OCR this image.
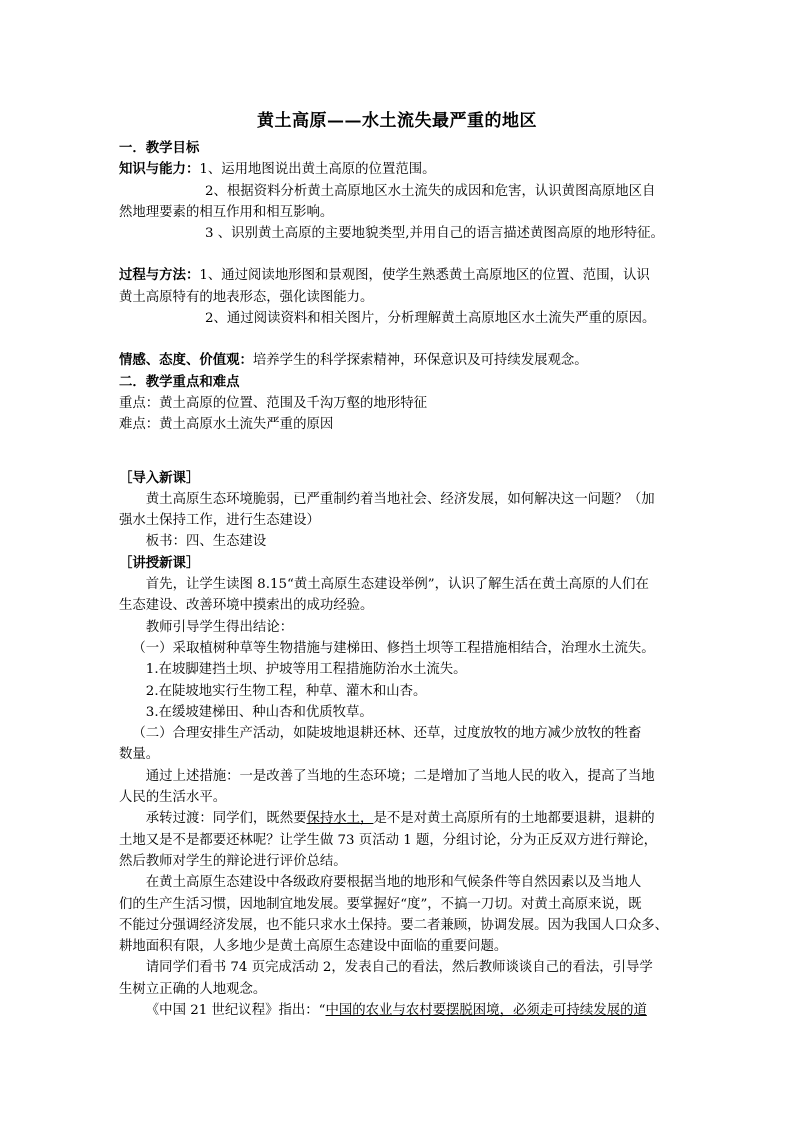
黄土高原——水土流失最严重的地区

一．教学目标

知识与能力：1、运用地图说出黄土高原的位置范围。

2、根据资料分析黄土高原地区水土流失的成因和危害，认识黄图高原地区自

然地理要素的相互作用和相互影响。

3 、识别黄土高原的主要地貌类型,并用自己的语言描述黄图高原的地形特征。

过程与方法：1、通过阅读地形图和景观图，使学生熟悉黄土高原地区的位置、范围，认识

黄土高原特有的地表形态，强化读图能力。

2、通过阅读资料和相关图片，分析理解黄土高原地区水土流失严重的原因。

情感、态度、价值观：培养学生的科学探索精神，环保意识及可持续发展观念。

二．教学重点和难点

重点：黄土高原的位置、范围及千沟万壑的地形特征

难点：黄土高原水土流失严重的原因

［导入新课］

黄土高原生态环境脆弱，已严重制约着当地社会、经济发展，如何解决这一问题？（加

强水土保持工作，进行生态建设）

板书：四、生态建设

［讲授新课］

首先，让学生读图 8.15“黄土高原生态建设举例”，认识了解生活在黄土高原的人们在

生态建设、改善环境中摸索出的成功经验。

教师引导学生得出结论：

（一）采取植树种草等生物措施与建梯田、修挡土坝等工程措施相结合，治理水土流失。

1.在坡脚建挡土坝、护坡等用工程措施防治水土流失。

2.在陡坡地实行生物工程，种草、灌木和山杏。

3.在缓坡建梯田、种山杏和优质牧草。

（二）合理安排生产活动，如陡坡地退耕还林、还草，过度放牧的地方减少放牧的牲畜

数量。

通过上述措施：一是改善了当地的生态环境；二是增加了当地人民的收入，提高了当地

人民的生活水平。

承转过渡：同学们，既然要保持水土，是不是对黄土高原所有的土地都要退耕，退耕的

土地又是不是都要还林呢？让学生做 73 页活动 1 题，分组讨论，分为正反双方进行辩论，

然后教师对学生的辩论进行评价总结。

在黄土高原生态建设中各级政府要根据当地的地形和气候条件等自然因素以及当地人

们的生产生活习惯，因地制宜地发展。要掌握好“度”，不搞一刀切。对黄土高原来说，既

不能过分强调经济发展，也不能只求水土保持。要二者兼顾，协调发展。因为我国人口众多、

耕地面积有限，人多地少是黄土高原生态建设中面临的重要问题。

请同学们看书 74 页完成活动 2，发表自己的看法，然后教师谈谈自己的看法，引导学

生树立正确的人地观念。

《中国 21 世纪议程》指出：“中国的农业与农村要摆脱困境，必须走可持续发展的道
